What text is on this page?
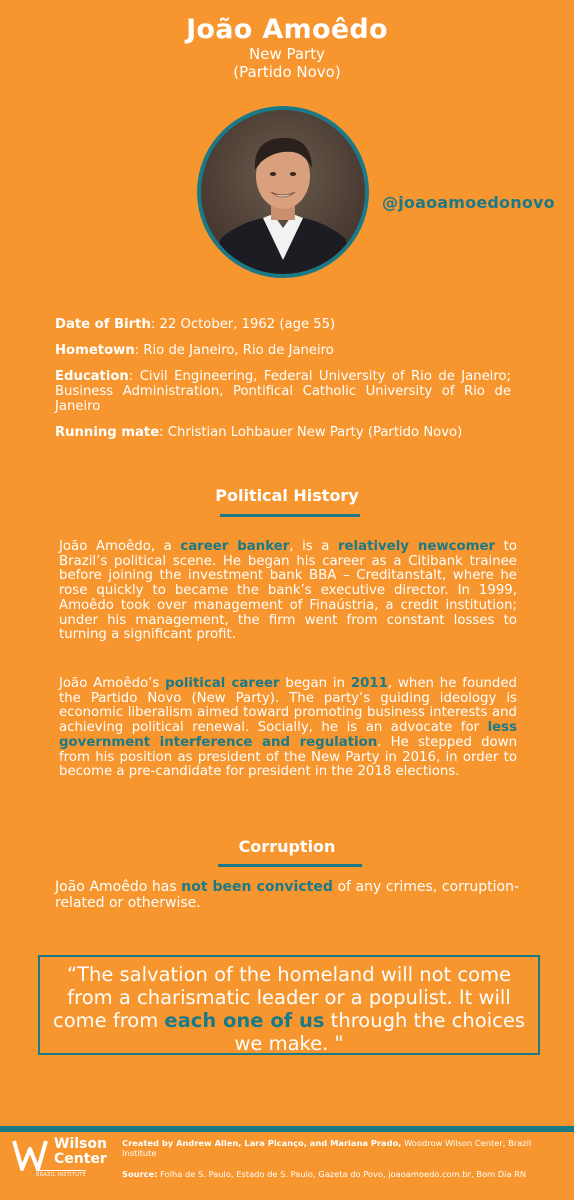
João Amoêdo
New Party
(Partido Novo)
@joaoamoedonovo
Date of Birth: 22 October, 1962 (age 55)
Hometown: Rio de Janeiro, Rio de Janeiro
Education: Civil Engineering, Federal University of Rio de Janeiro; Business Administration, Pontifical Catholic University of Rio de Janeiro
Running mate: Christian Lohbauer New Party (Partido Novo)
Political History
João Amoêdo, a career banker, is a relatively newcomer to Brazil’s political scene. He began his career as a Citibank trainee before joining the investment bank BBA – Creditanstalt, where he rose quickly to became the bank’s executive director. In 1999, Amoêdo took over management of Finaústria, a credit institution; under his management, the firm went from constant losses to turning a significant profit.
João Amoêdo’s political career began in 2011, when he founded the Partido Novo (New Party). The party’s guiding ideology is economic liberalism aimed toward promoting business interests and achieving political renewal. Socially, he is an advocate for less government interference and regulation. He stepped down from his position as president of the New Party in 2016, in order to become a pre-candidate for president in the 2018 elections.
Corruption
João Amoêdo has not been convicted of any crimes, corruption-related or otherwise.
“The salvation of the homeland will not come from a charismatic leader or a populist. It will come from each one of us through the choices we make. "
Wilson
Center
BRAZIL INSTITUTE
Created by Andrew Allen, Lara Picanço, and Mariana Prado, Woodrow Wilson Center, Brazil Institute
Source: Folha de S. Paulo, Estado de S. Paulo, Gazeta do Povo, joaoamoedo.com.br, Bom Dia RN
